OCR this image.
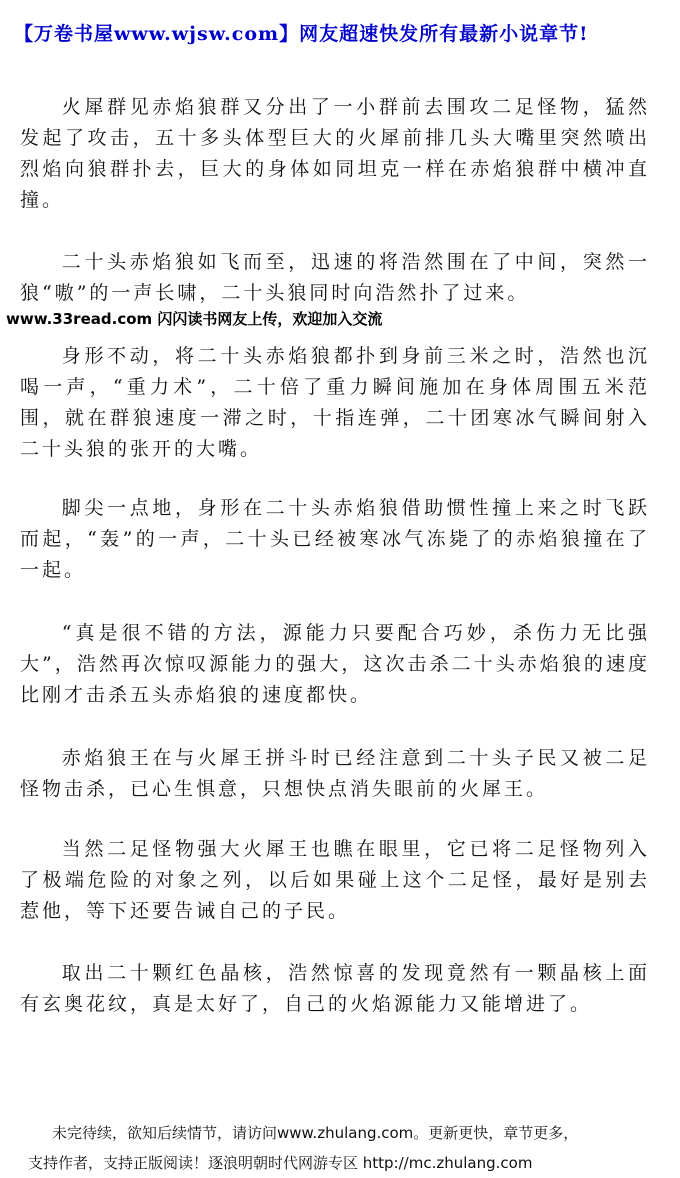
【万卷书屋www.wjsw.com】网友超速快发所有最新小说章节!

火犀群见赤焰狼群又分出了一小群前去围攻二足怪物，猛然发起了攻击，五十多头体型巨大的火犀前排几头大嘴里突然喷出烈焰向狼群扑去，巨大的身体如同坦克一样在赤焰狼群中横冲直撞。

二十头赤焰狼如飞而至，迅速的将浩然围在了中间，突然一狼“嗷”的一声长啸，二十头狼同时向浩然扑了过来。

www.33read.com 闪闪读书网友上传，欢迎加入交流

身形不动，将二十头赤焰狼都扑到身前三米之时，浩然也沉喝一声，“重力术”，二十倍了重力瞬间施加在身体周围五米范围，就在群狼速度一滞之时，十指连弹，二十团寒冰气瞬间射入二十头狼的张开的大嘴。

脚尖一点地，身形在二十头赤焰狼借助惯性撞上来之时飞跃而起，“轰”的一声，二十头已经被寒冰气冻毙了的赤焰狼撞在了一起。

“真是很不错的方法，源能力只要配合巧妙，杀伤力无比强大”，浩然再次惊叹源能力的强大，这次击杀二十头赤焰狼的速度比刚才击杀五头赤焰狼的速度都快。

赤焰狼王在与火犀王拼斗时已经注意到二十头子民又被二足怪物击杀，已心生惧意，只想快点消失眼前的火犀王。

当然二足怪物强大火犀王也瞧在眼里，它已将二足怪物列入了极端危险的对象之列，以后如果碰上这个二足怪，最好是别去惹他，等下还要告诫自己的子民。

取出二十颗红色晶核，浩然惊喜的发现竟然有一颗晶核上面有玄奥花纹，真是太好了，自己的火焰源能力又能增进了。

未完待续，欲知后续情节，请访问www.zhulang.com。更新更快，章节更多，
支持作者，支持正版阅读！逐浪明朝时代网游专区 http://mc.zhulang.com
